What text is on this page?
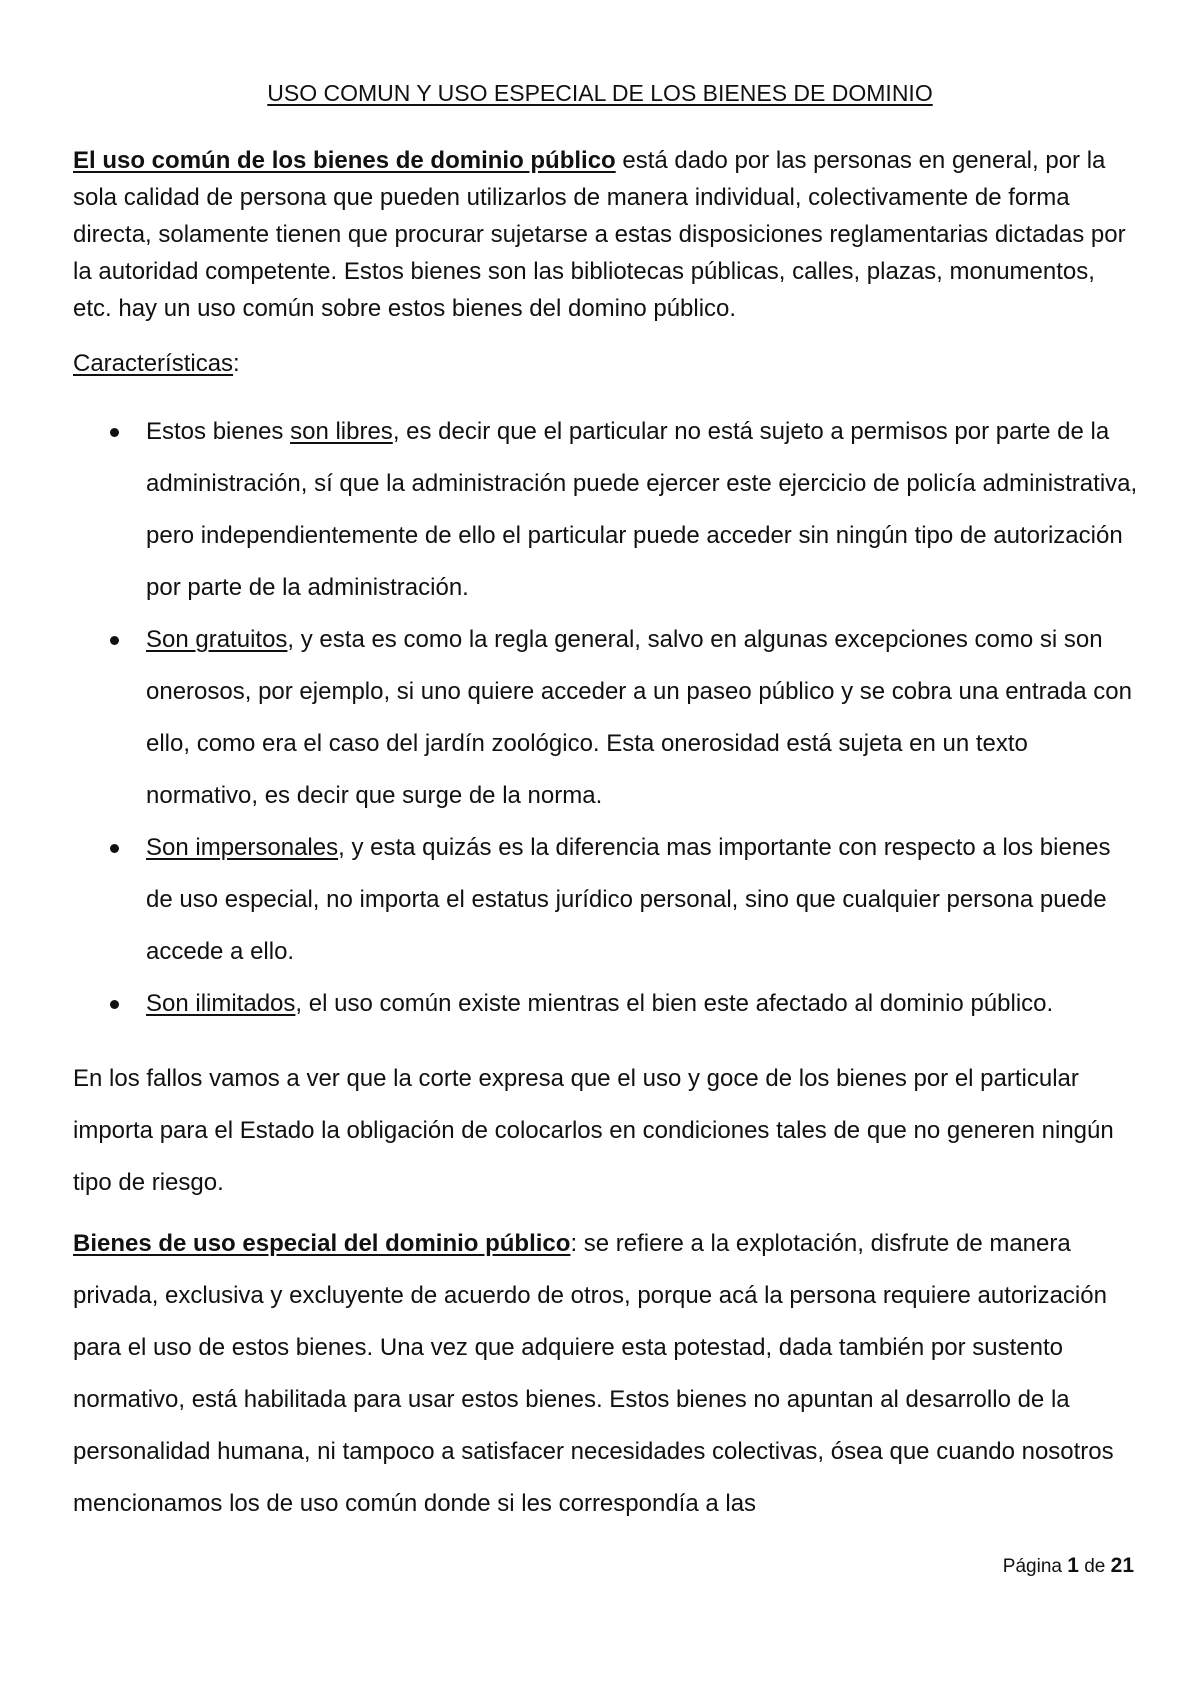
USO COMUN Y USO ESPECIAL DE LOS BIENES DE DOMINIO

El uso común de los bienes de dominio público está dado por las personas en general, por la sola calidad de persona que pueden utilizarlos de manera individual, colectivamente de forma directa, solamente tienen que procurar sujetarse a estas disposiciones reglamentarias dictadas por la autoridad competente. Estos bienes son las bibliotecas públicas, calles, plazas, monumentos, etc. hay un uso común sobre estos bienes del domino público.

Características:

Estos bienes son libres, es decir que el particular no está sujeto a permisos por parte de la administración, sí que la administración puede ejercer este ejercicio de policía administrativa, pero independientemente de ello el particular puede acceder sin ningún tipo de autorización por parte de la administración.
Son gratuitos, y esta es como la regla general, salvo en algunas excepciones como si son onerosos, por ejemplo, si uno quiere acceder a un paseo público y se cobra una entrada con ello, como era el caso del jardín zoológico. Esta onerosidad está sujeta en un texto normativo, es decir que surge de la norma.
Son impersonales, y esta quizás es la diferencia mas importante con respecto a los bienes de uso especial, no importa el estatus jurídico personal, sino que cualquier persona puede accede a ello.
Son ilimitados, el uso común existe mientras el bien este afectado al dominio público.

En los fallos vamos a ver que la corte expresa que el uso y goce de los bienes por el particular importa para el Estado la obligación de colocarlos en condiciones tales de que no generen ningún tipo de riesgo.

Bienes de uso especial del dominio público: se refiere a la explotación, disfrute de manera privada, exclusiva y excluyente de acuerdo de otros, porque acá la persona requiere autorización para el uso de estos bienes. Una vez que adquiere esta potestad, dada también por sustento normativo, está habilitada para usar estos bienes. Estos bienes no apuntan al desarrollo de la personalidad humana, ni tampoco a satisfacer necesidades colectivas, ósea que cuando nosotros mencionamos los de uso común donde si les correspondía a las

Página 1 de 21
